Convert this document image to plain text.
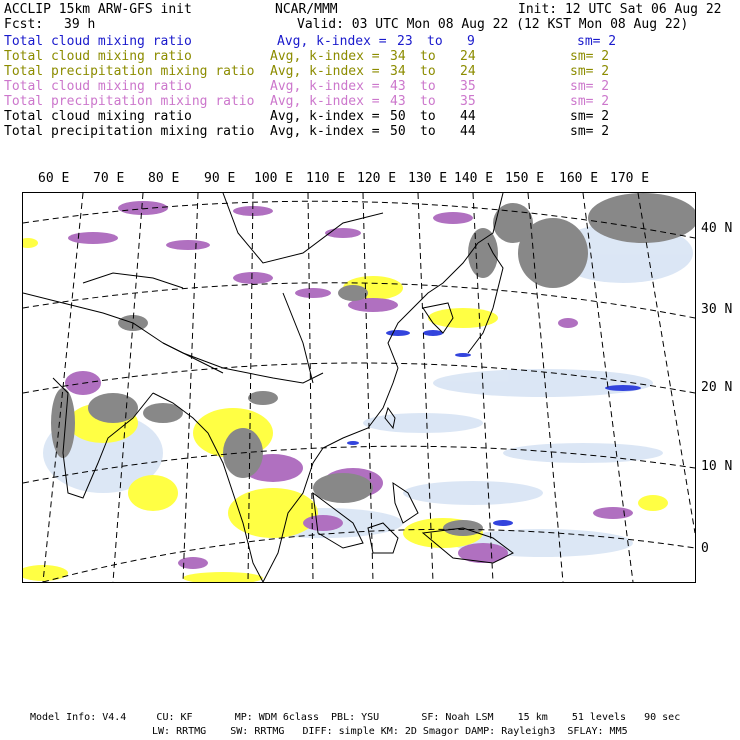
ACCLIP 15km ARW-GFS init	NCAR/MMM	Init: 12 UTC Sat 06 Aug 22
Fcst: 39 h	Valid: 03 UTC Mon 08 Aug 22 (12 KST Mon 08 Aug 22)
Total cloud mixing ratio	Avg, k-index = 23 to 9	sm= 2
Total cloud mixing ratio	Avg, k-index = 34 to 24	sm= 2
Total precipitation mixing ratio Avg, k-index = 34 to 24	sm= 2
Total cloud mixing ratio	Avg, k-index = 43 to 35	sm= 2
Total precipitation mixing ratio Avg, k-index = 43 to 35	sm= 2
Total cloud mixing ratio	Avg, k-index = 50 to 44	sm= 2
Total precipitation mixing ratio Avg, k-index = 50 to 44	sm= 2
60 E 70 E 80 E 90 E 100 E 110 E 120 E 130 E 140 E 150 E 160 E 170 E
40 N
30 N
20 N
10 N
0
Model Info: V4.4     CU: KF       MP: WDM 6class  PBL: YSU       SF: Noah LSM    15 km    51 levels   90 sec
LW: RRTMG    SW: RRTMG   DIFF: simple KM: 2D Smagor DAMP: Rayleigh3  SFLAY: MM5
